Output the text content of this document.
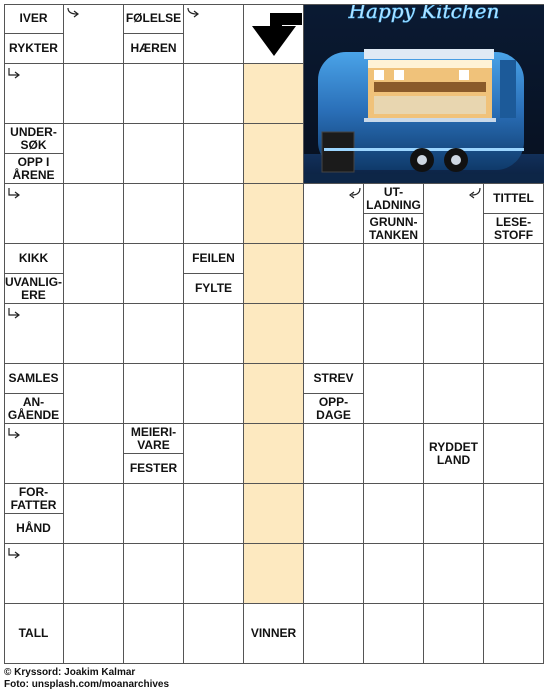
IVER
RYKTER
FØLELSE
HÆREN
UNDER-
SØK
OPP I
ÅRENE
UT-
LADNING
GRUNN-
TANKEN
TITTEL
LESE-
STOFF
KIKK
UVANLIG-
ERE
FEILEN
FYLTE
SAMLES
AN-
GÅENDE
STREV
OPP-
DAGE
MEIERI-
VARE
FESTER
RYDDET
LAND
FOR-
FATTER
HÅND
TALL	VINNER
Happy Kitchen
© Kryssord: Joakim Kalmar
Foto: unsplash.com/moanarchives
